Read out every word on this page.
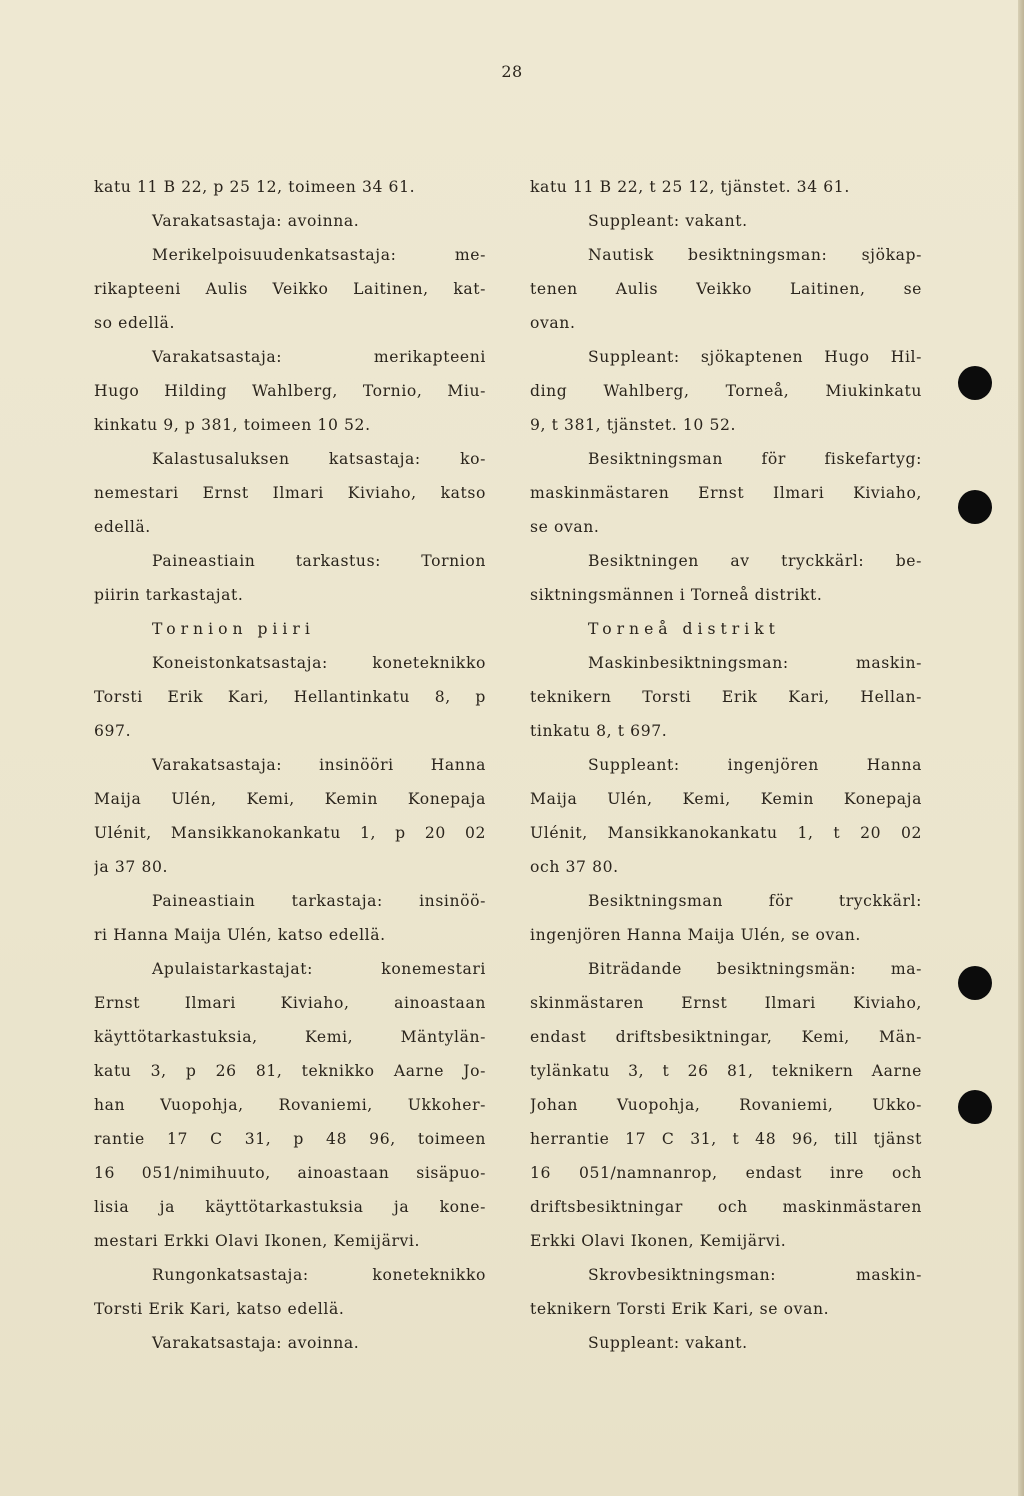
28
katu 11 B 22, p 25 12, toimeen 34 61.
Varakatsastaja: avoinna.
Merikelpoisuudenkatsastaja: me-
rikapteeni Aulis Veikko Laitinen, kat-
so edellä.
Varakatsastaja: merikapteeni
Hugo Hilding Wahlberg, Tornio, Miu-
kinkatu 9, p 381, toimeen 10 52.
Kalastusaluksen katsastaja: ko-
nemestari Ernst Ilmari Kiviaho, katso
edellä.
Paineastiain tarkastus: Tornion
piirin tarkastajat.
Tornion piiri
Koneistonkatsastaja: koneteknikko
Torsti Erik Kari, Hellantinkatu 8, p
697.
Varakatsastaja: insinööri Hanna
Maija Ulén, Kemi, Kemin Konepaja
Ulénit, Mansikkanokankatu 1, p 20 02
ja 37 80.
Paineastiain tarkastaja: insinöö-
ri Hanna Maija Ulén, katso edellä.
Apulaistarkastajat: konemestari
Ernst Ilmari Kiviaho, ainoastaan
käyttötarkastuksia, Kemi, Mäntylän-
katu 3, p 26 81, teknikko Aarne Jo-
han Vuopohja, Rovaniemi, Ukkoher-
rantie 17 C 31, p 48 96, toimeen
16 051/nimihuuto, ainoastaan sisäpuo-
lisia ja käyttötarkastuksia ja kone-
mestari Erkki Olavi Ikonen, Kemijärvi.
Rungonkatsastaja: koneteknikko
Torsti Erik Kari, katso edellä.
Varakatsastaja: avoinna.
katu 11 B 22, t 25 12, tjänstet. 34 61.
Suppleant: vakant.
Nautisk besiktningsman: sjökap-
tenen Aulis Veikko Laitinen, se
ovan.
Suppleant: sjökaptenen Hugo Hil-
ding Wahlberg, Torneå, Miukinkatu
9, t 381, tjänstet. 10 52.
Besiktningsman för fiskefartyg:
maskinmästaren Ernst Ilmari Kiviaho,
se ovan.
Besiktningen av tryckkärl: be-
siktningsmännen i Torneå distrikt.
Torneå distrikt
Maskinbesiktningsman: maskin-
teknikern Torsti Erik Kari, Hellan-
tinkatu 8, t 697.
Suppleant: ingenjören Hanna
Maija Ulén, Kemi, Kemin Konepaja
Ulénit, Mansikkanokankatu 1, t 20 02
och 37 80.
Besiktningsman för tryckkärl:
ingenjören Hanna Maija Ulén, se ovan.
Biträdande besiktningsmän: ma-
skinmästaren Ernst Ilmari Kiviaho,
endast driftsbesiktningar, Kemi, Män-
tylänkatu 3, t 26 81, teknikern Aarne
Johan Vuopohja, Rovaniemi, Ukko-
herrantie 17 C 31, t 48 96, till tjänst
16 051/namnanrop, endast inre och
driftsbesiktningar och maskinmästaren
Erkki Olavi Ikonen, Kemijärvi.
Skrovbesiktningsman: maskin-
teknikern Torsti Erik Kari, se ovan.
Suppleant: vakant.
